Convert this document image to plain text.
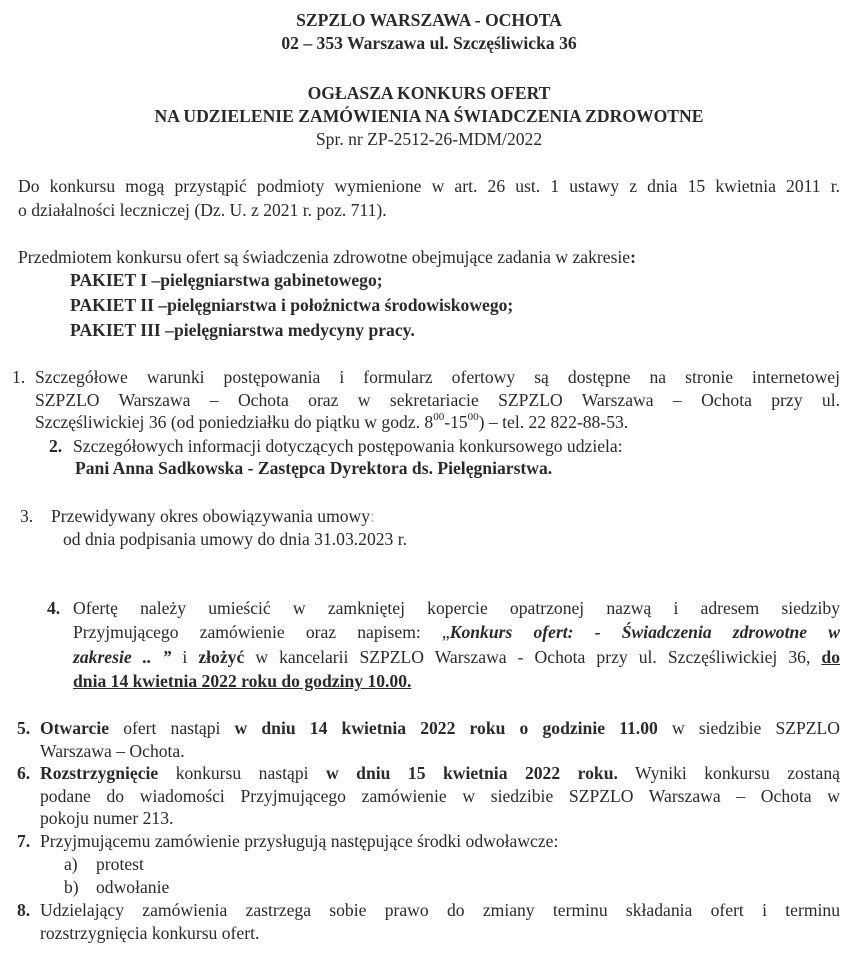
SZPZLO WARSZAWA - OCHOTA
02 – 353 Warszawa ul. Szczęśliwicka 36
OGŁASZA KONKURS OFERT
NA UDZIELENIE ZAMÓWIENIA NA ŚWIADCZENIA ZDROWOTNE
Spr. nr ZP-2512-26-MDM/2022
Do konkursu mogą przystąpić podmioty wymienione w art. 26 ust. 1 ustawy z dnia 15 kwietnia 2011 r.
o działalności leczniczej (Dz. U. z 2021 r. poz. 711).
Przedmiotem konkursu ofert są świadczenia zdrowotne obejmujące zadania w zakresie:
PAKIET I –pielęgniarstwa gabinetowego;
PAKIET II –pielęgniarstwa i położnictwa środowiskowego;
PAKIET III –pielęgniarstwa medycyny pracy.
1. Szczegółowe warunki postępowania i formularz ofertowy są dostępne na stronie internetowej
SZPZLO Warszawa – Ochota oraz w sekretariacie SZPZLO Warszawa – Ochota przy ul.
Szczęśliwickiej 36 (od poniedziałku do piątku w godz. $8^{00}-15^{00}$) – tel. 22 822-88-53.
2. Szczegółowych informacji dotyczących postępowania konkursowego udziela:
Pani Anna Sadkowska - Zastępca Dyrektora ds. Pielęgniarstwa.
3. Przewidywany okres obowiązywania umowy:
od dnia podpisania umowy do dnia 31.03.2023 r.
4. Ofertę należy umieścić w zamkniętej kopercie opatrzonej nazwą i adresem siedziby
Przyjmującego zamówienie oraz napisem: „Konkurs ofert: - Świadczenia zdrowotne w
zakresie .. ” i złożyć w kancelarii SZPZLO Warszawa - Ochota przy ul. Szczęśliwickiej 36, do
dnia 14 kwietnia 2022 roku do godziny 10.00.
5. Otwarcie ofert nastąpi w dniu 14 kwietnia 2022 roku o godzinie 11.00 w siedzibie SZPZLO
Warszawa – Ochota.
6. Rozstrzygnięcie konkursu nastąpi w dniu 15 kwietnia 2022 roku. Wyniki konkursu zostaną
podane do wiadomości Przyjmującego zamówienie w siedzibie SZPZLO Warszawa – Ochota w
pokoju numer 213.
7. Przyjmującemu zamówienie przysługują następujące środki odwoławcze:
a) protest
b) odwołanie
8. Udzielający zamówienia zastrzega sobie prawo do zmiany terminu składania ofert i terminu
rozstrzygnięcia konkursu ofert.
